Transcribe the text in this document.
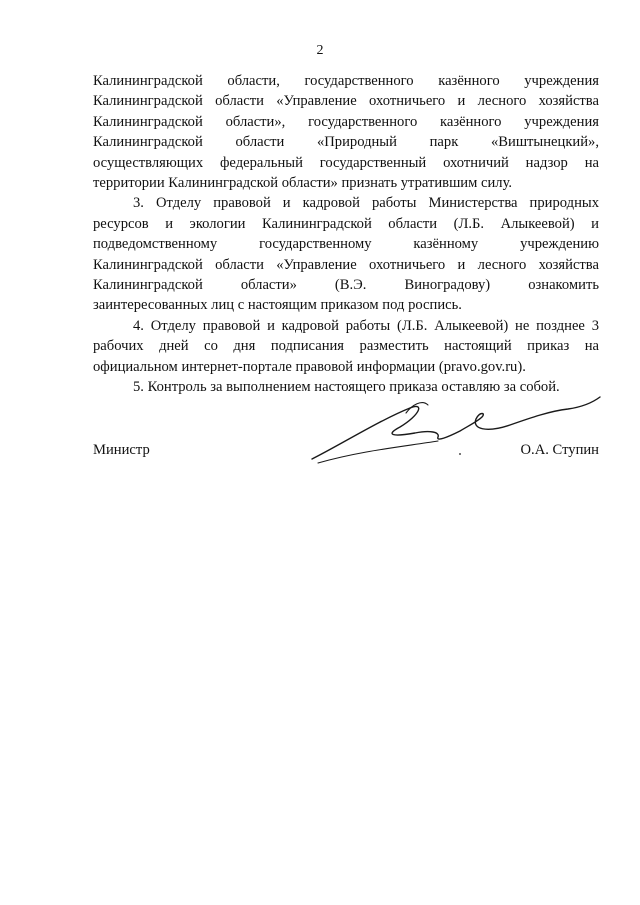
2

Калининградской области, государственного казённого учреждения
Калининградской области «Управление охотничьего и лесного хозяйства
Калининградской области», государственного казённого учреждения
Калининградской области «Природный парк «Виштынецкий»,
осуществляющих федеральный государственный охотничий надзор на
территории Калининградской области» признать утратившим силу.

3. Отделу правовой и кадровой работы Министерства природных
ресурсов и экологии Калининградской области (Л.Б. Алыкеевой) и
подведомственному государственному казённому учреждению
Калининградской области «Управление охотничьего и лесного хозяйства
Калининградской области» (В.Э. Виноградову) ознакомить
заинтересованных лиц с настоящим приказом под роспись.

4. Отделу правовой и кадровой работы (Л.Б. Алыкеевой) не позднее 3
рабочих дней со дня подписания разместить настоящий приказ на
официальном интернет-портале правовой информации (pravo.gov.ru).

5. Контроль за выполнением настоящего приказа оставляю за собой.

Министр	О.А. Ступин
